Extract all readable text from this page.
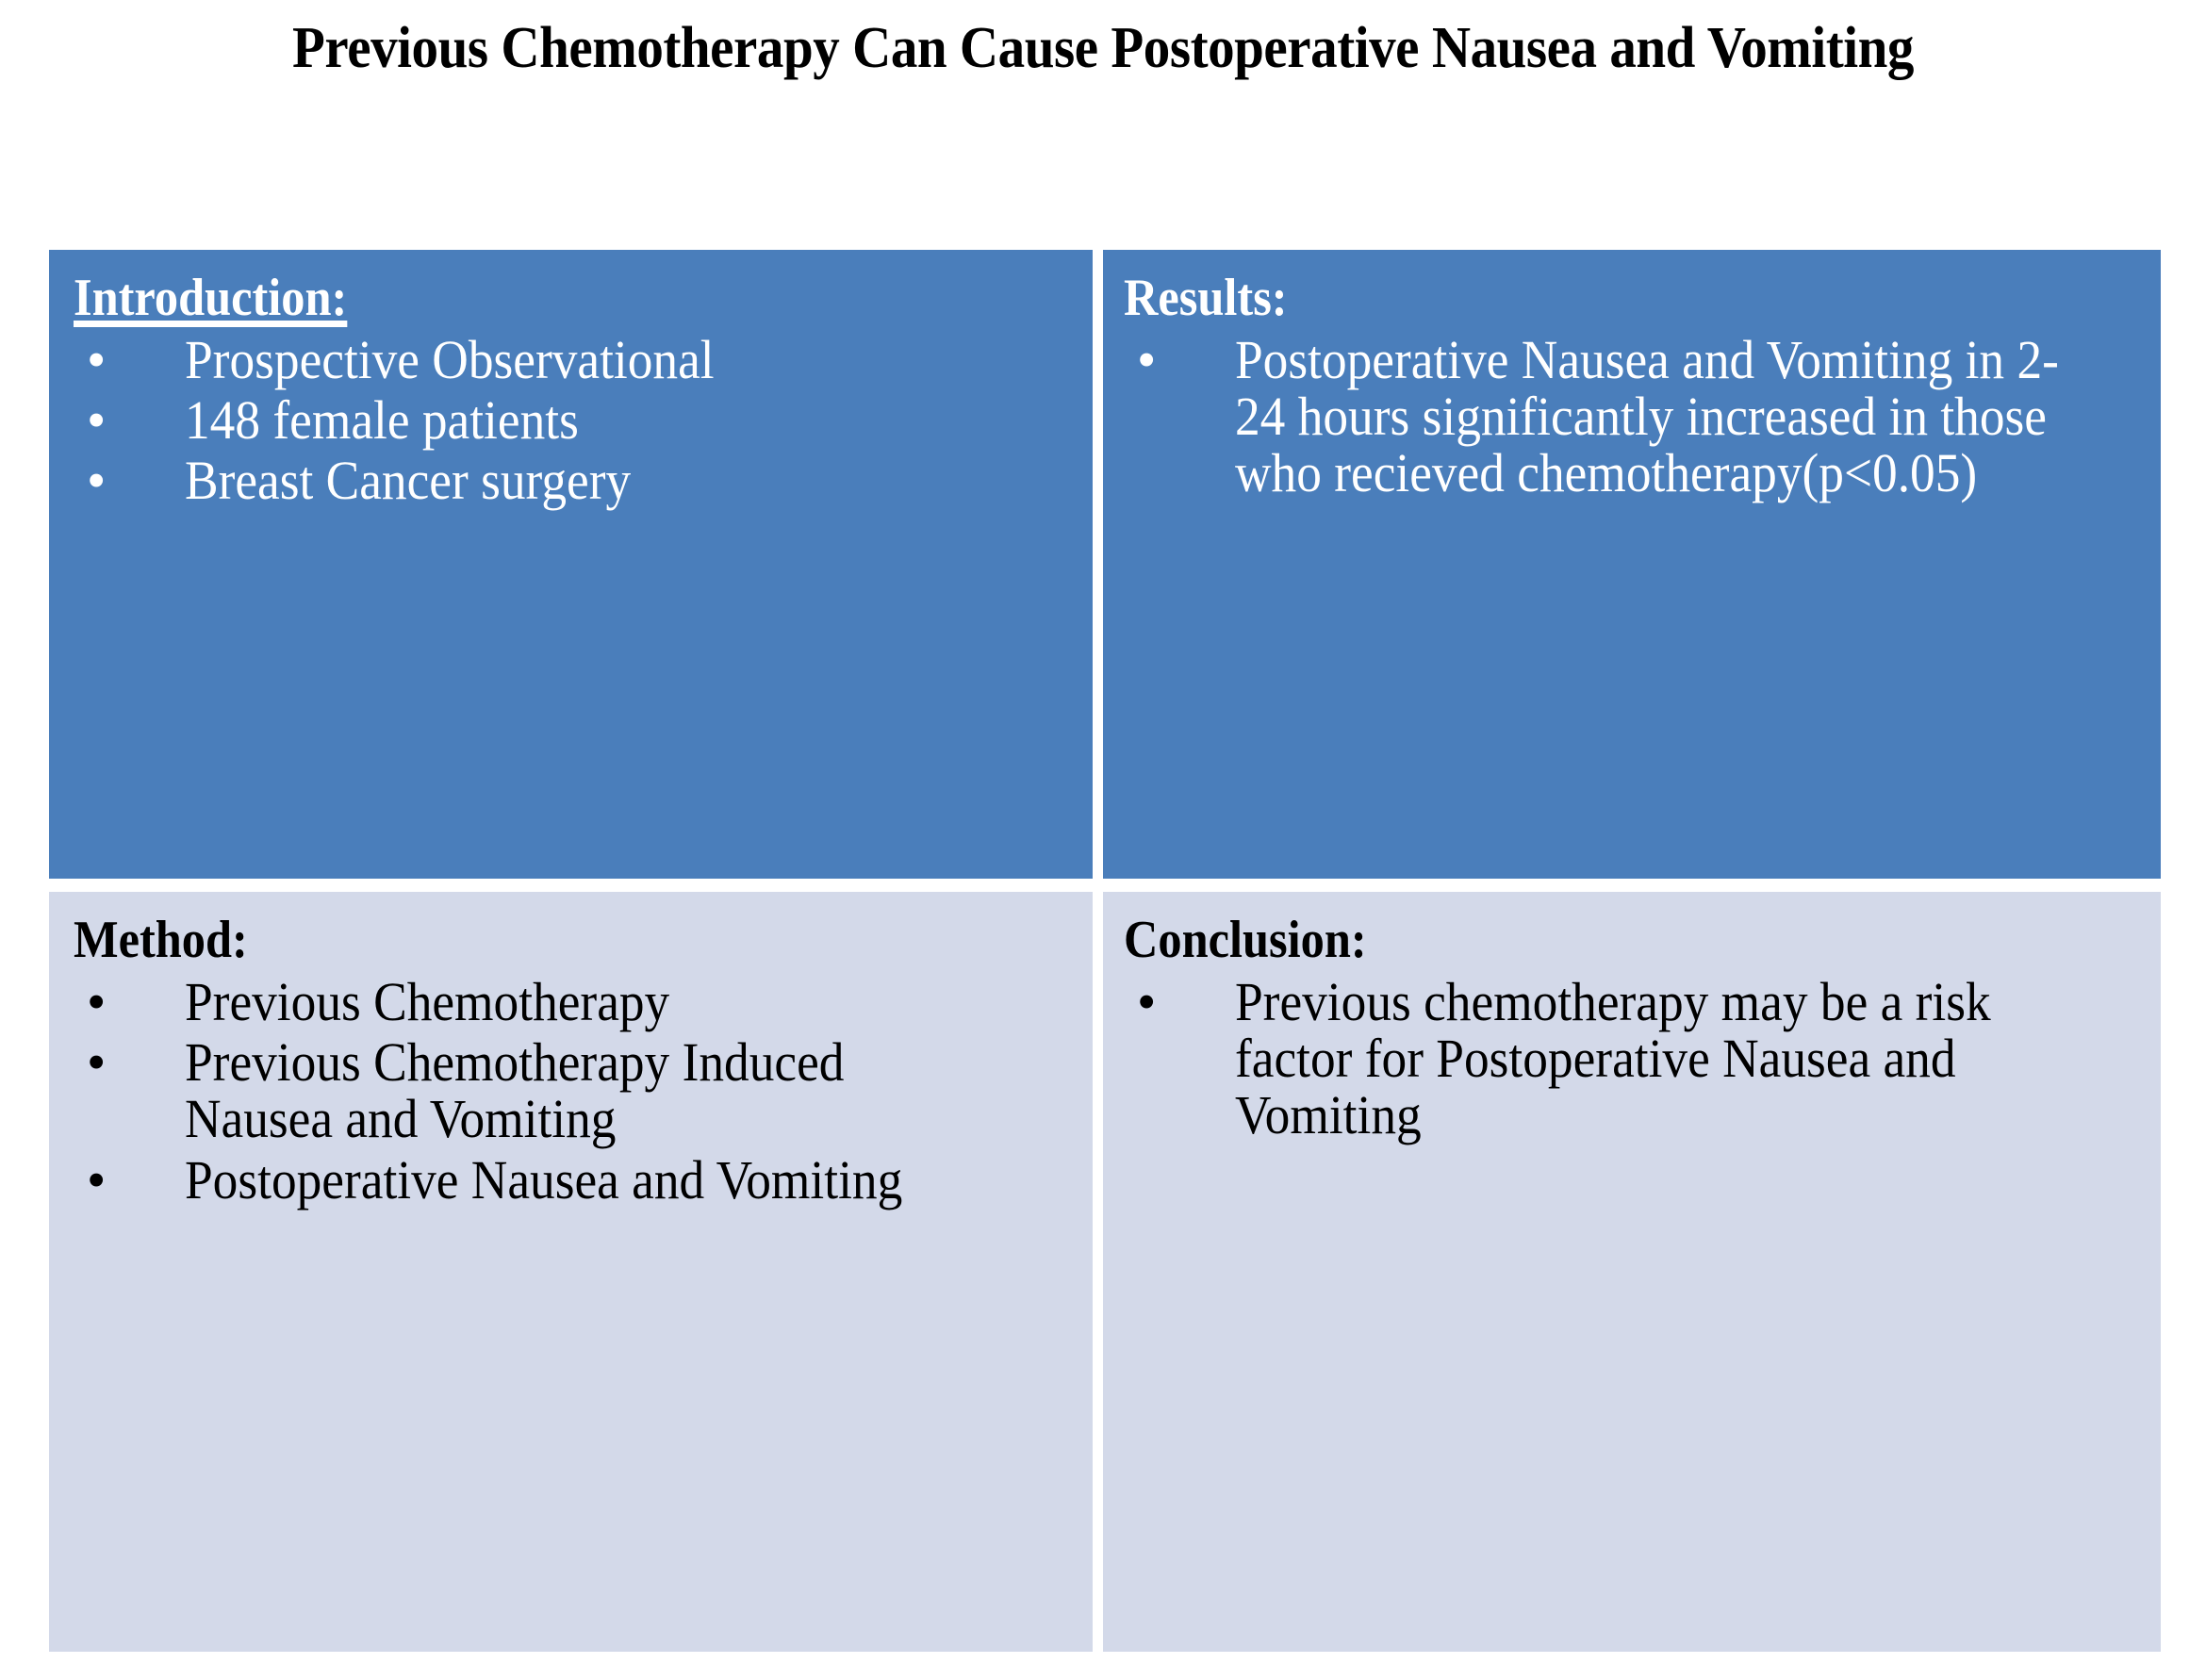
Previous Chemotherapy Can Cause Postoperative Nausea and Vomiting
Introduction:
• Prospective Observational
• 148 female patients
• Breast Cancer surgery
Results:
• Postoperative Nausea and Vomiting in 2-24 hours significantly increased in those who recieved chemotherapy(p<0.05)
Method:
• Previous Chemotherapy
• Previous Chemotherapy Induced Nausea and Vomiting
• Postoperative Nausea and Vomiting
Conclusion:
• Previous chemotherapy may be a risk factor for Postoperative Nausea and Vomiting
